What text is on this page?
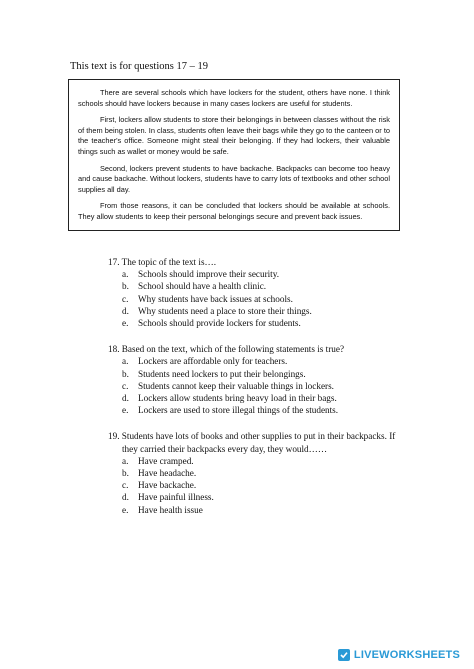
This text is for questions 17 – 19

There are several schools which have lockers for the student, others have none. I think schools should have lockers because in many cases lockers are useful for students.

First, lockers allow students to store their belongings in between classes without the risk of them being stolen. In class, students often leave their bags while they go to the canteen or to the teacher's office. Someone might steal their belonging. If they had lockers, their valuable things such as wallet or money would be safe.

Second, lockers prevent students to have backache. Backpacks can become too heavy and cause backache. Without lockers, students have to carry lots of textbooks and other school supplies all day.

From those reasons, it can be concluded that lockers should be available at schools. They allow students to keep their personal belongings secure and prevent back issues.

17. The topic of the text is….

a.	Schools should improve their security.
b. School should have a health clinic.
c.	Why students have back issues at schools.
d. Why students need a place to store their things.
e.	Schools should provide lockers for students.

18. Based on the text, which of the following statements is true?

a.	Lockers are affordable only for teachers.
b. Students need lockers to put their belongings.
c.	Students cannot keep their valuable things in lockers.
d. Lockers allow students bring heavy load in their bags.
e.	Lockers are used to store illegal things of the students.

19. Students have lots of books and other supplies to put in their backpacks. If they carried their backpacks every day, they would……

a.	Have cramped.
b. Have headache.
c.	Have backache.
d. Have painful illness.
e.	Have health issue
LIVEWORKSHEETS
